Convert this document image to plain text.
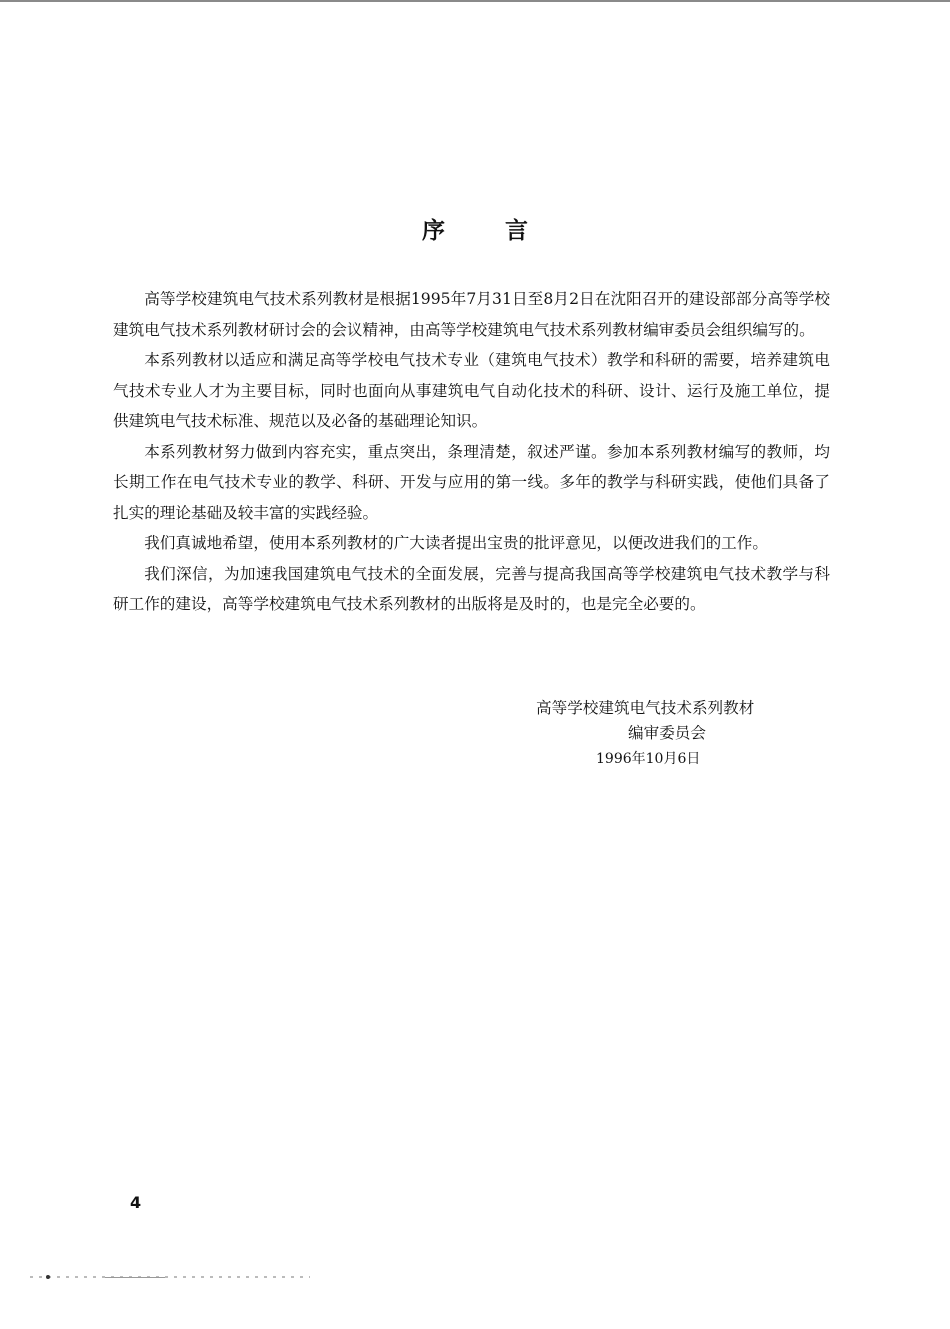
序	言

高等学校建筑电气技术系列教材是根据1995年7月31日至8月2日在沈阳召开的建设部部分高等学校建筑电气技术系列教材研讨会的会议精神，由高等学校建筑电气技术系列教材编审委员会组织编写的。

本系列教材以适应和满足高等学校电气技术专业（建筑电气技术）教学和科研的需要，培养建筑电气技术专业人才为主要目标，同时也面向从事建筑电气自动化技术的科研、设计、运行及施工单位，提供建筑电气技术标准、规范以及必备的基础理论知识。

本系列教材努力做到内容充实，重点突出，条理清楚，叙述严谨。参加本系列教材编写的教师，均长期工作在电气技术专业的教学、科研、开发与应用的第一线。多年的教学与科研实践，使他们具备了扎实的理论基础及较丰富的实践经验。

我们真诚地希望，使用本系列教材的广大读者提出宝贵的批评意见，以便改进我们的工作。

我们深信，为加速我国建筑电气技术的全面发展，完善与提高我国高等学校建筑电气技术教学与科研工作的建设，高等学校建筑电气技术系列教材的出版将是及时的，也是完全必要的。

高等学校建筑电气技术系列教材
编审委员会
1996年10月6日
4
